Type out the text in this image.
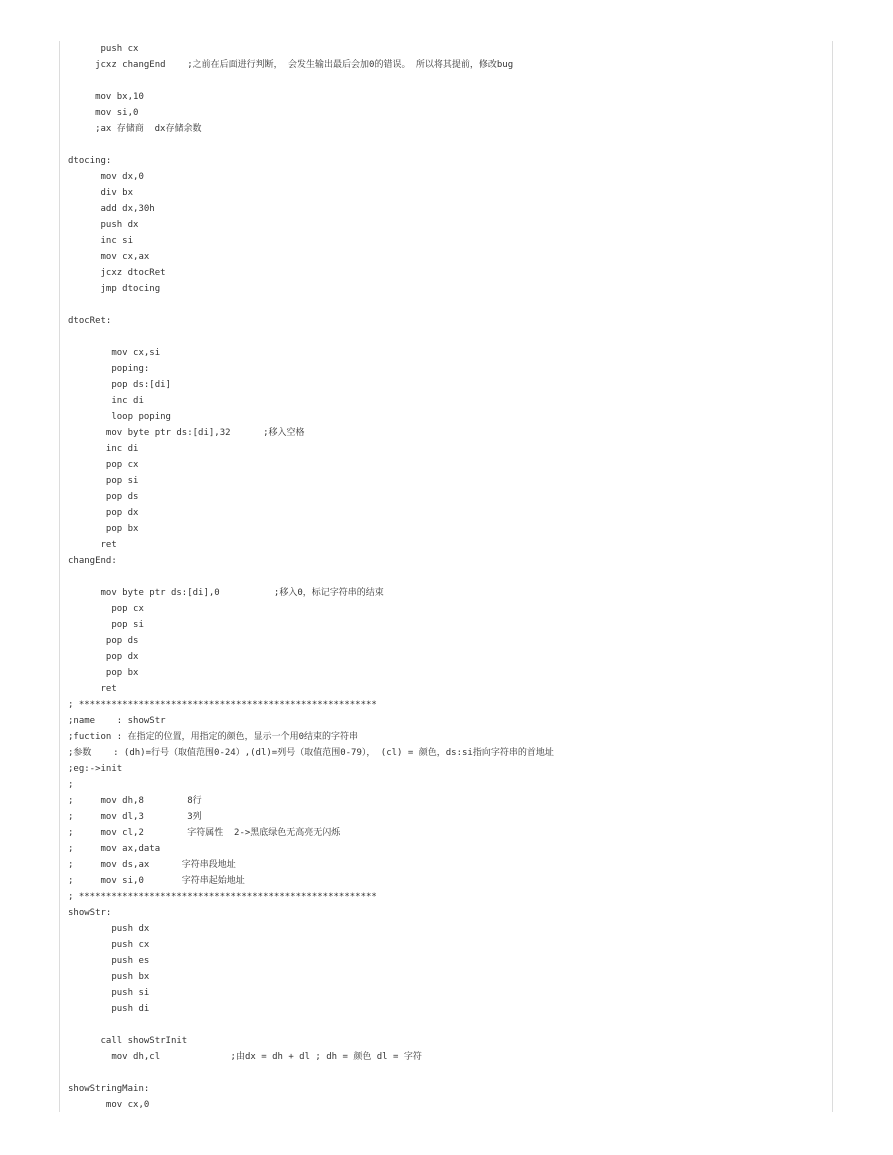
push cx
jcxz changEnd    ;之前在后面进行判断， 会发生输出最后会加0的错误。 所以将其提前，修改bug
mov bx,10
mov si,0
;ax 存储商  dx存储余数
dtocing:
mov dx,0
div bx
add dx,30h
push dx
inc si
mov cx,ax
jcxz dtocRet
jmp dtocing
dtocRet:
mov cx,si
poping:
pop ds:[di]
inc di
loop poping
mov byte ptr ds:[di],32      ;移入空格
inc di
pop cx
pop si
pop ds
pop dx
pop bx
ret
changEnd:
mov byte ptr ds:[di],0          ;移入0，标记字符串的结束
pop cx
pop si
pop ds
pop dx
pop bx
ret
; *******************************************************
;name    : showStr
;fuction : 在指定的位置，用指定的颜色，显示一个用0结束的字符串
;参数    : (dh)=行号（取值范围0-24）,(dl)=列号（取值范围0-79）， (cl) = 颜色，ds:si指向字符串的首地址
;eg:->init
;
;     mov dh,8        8行
;     mov dl,3        3列
;     mov cl,2        字符属性  2->黑底绿色无高亮无闪烁
;     mov ax,data
;     mov ds,ax      字符串段地址
;     mov si,0       字符串起始地址
; *******************************************************
showStr:
push dx
push cx
push es
push bx
push si
push di
call showStrInit
mov dh,cl             ;由dx = dh + dl ; dh = 颜色 dl = 字符
showStringMain:
mov cx,0
